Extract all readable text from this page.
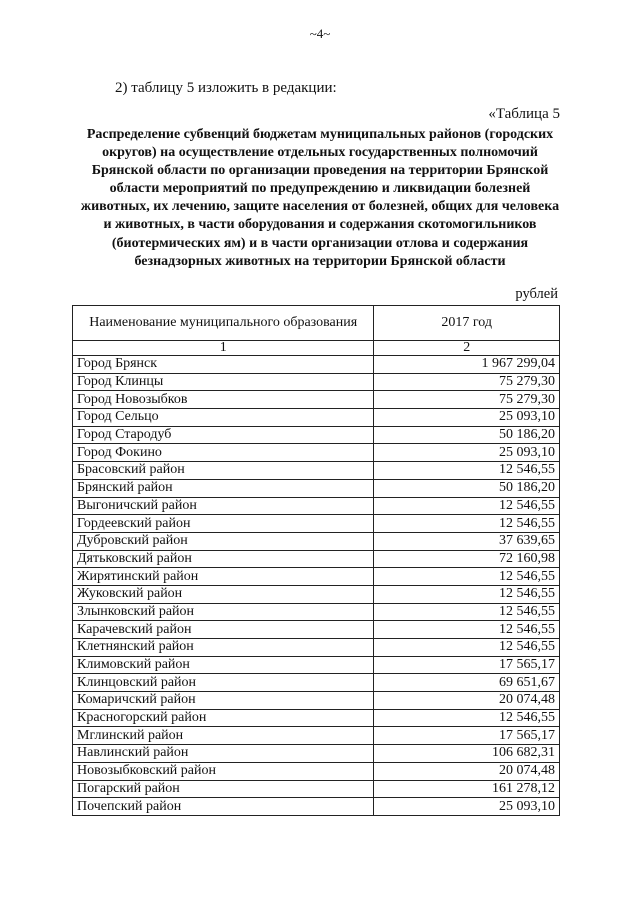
~4~
2) таблицу 5 изложить в редакции:
«Таблица 5
Распределение субвенций бюджетам муниципальных районов (городских округов) на осуществление отдельных государственных полномочий Брянской области по организации проведения на территории Брянской области мероприятий по предупреждению и ликвидации болезней животных, их лечению, защите населения от болезней, общих для человека и животных, в части оборудования и содержания скотомогильников (биотермических ям) и в части организации отлова и содержания безнадзорных животных на территории Брянской области
рублей
Наименование муниципального образования	2017 год
1	2
Город Брянск	1 967 299,04
Город Клинцы	75 279,30
Город Новозыбков	75 279,30
Город Сельцо	25 093,10
Город Стародуб	50 186,20
Город Фокино	25 093,10
Брасовский район	12 546,55
Брянский район	50 186,20
Выгоничский район	12 546,55
Гордеевский район	12 546,55
Дубровский район	37 639,65
Дятьковский район	72 160,98
Жирятинский район	12 546,55
Жуковский район	12 546,55
Злынковский район	12 546,55
Карачевский район	12 546,55
Клетнянский район	12 546,55
Климовский район	17 565,17
Клинцовский район	69 651,67
Комаричский район	20 074,48
Красногорский район	12 546,55
Мглинский район	17 565,17
Навлинский район	106 682,31
Новозыбковский район	20 074,48
Погарский район	161 278,12
Почепский район	25 093,10
